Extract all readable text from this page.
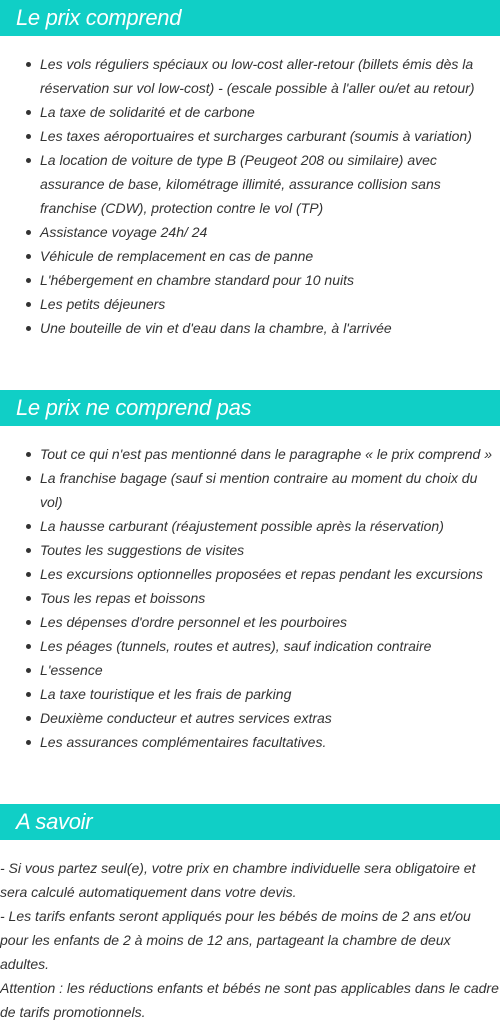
Le prix comprend
Les vols réguliers spéciaux ou low-cost aller-retour (billets émis dès la réservation sur vol low-cost) - (escale possible à l'aller ou/et au retour)
La taxe de solidarité et de carbone
Les taxes aéroportuaires et surcharges carburant (soumis à variation)
La location de voiture de type B (Peugeot 208 ou similaire) avec assurance de base, kilométrage illimité, assurance collision sans franchise (CDW), protection contre le vol (TP)
Assistance voyage 24h/ 24
Véhicule de remplacement en cas de panne
L'hébergement en chambre standard pour 10 nuits
Les petits déjeuners
Une bouteille de vin et d'eau dans la chambre, à l'arrivée
Le prix ne comprend pas
Tout ce qui n'est pas mentionné dans le paragraphe « le prix comprend »
La franchise bagage (sauf si mention contraire au moment du choix du vol)
La hausse carburant (réajustement possible après la réservation)
Toutes les suggestions de visites
Les excursions optionnelles proposées et repas pendant les excursions
Tous les repas et boissons
Les dépenses d'ordre personnel et les pourboires
Les péages (tunnels, routes et autres), sauf indication contraire
L'essence
La taxe touristique et les frais de parking
Deuxième conducteur et autres services extras
Les assurances complémentaires facultatives.
A savoir

- Si vous partez seul(e), votre prix en chambre individuelle sera obligatoire et sera calculé automatiquement dans votre devis.

- Les tarifs enfants seront appliqués pour les bébés de moins de 2 ans et/ou pour les enfants de 2 à moins de 12 ans, partageant la chambre de deux adultes.

Attention : les réductions enfants et bébés ne sont pas applicables dans le cadre de tarifs promotionnels.
